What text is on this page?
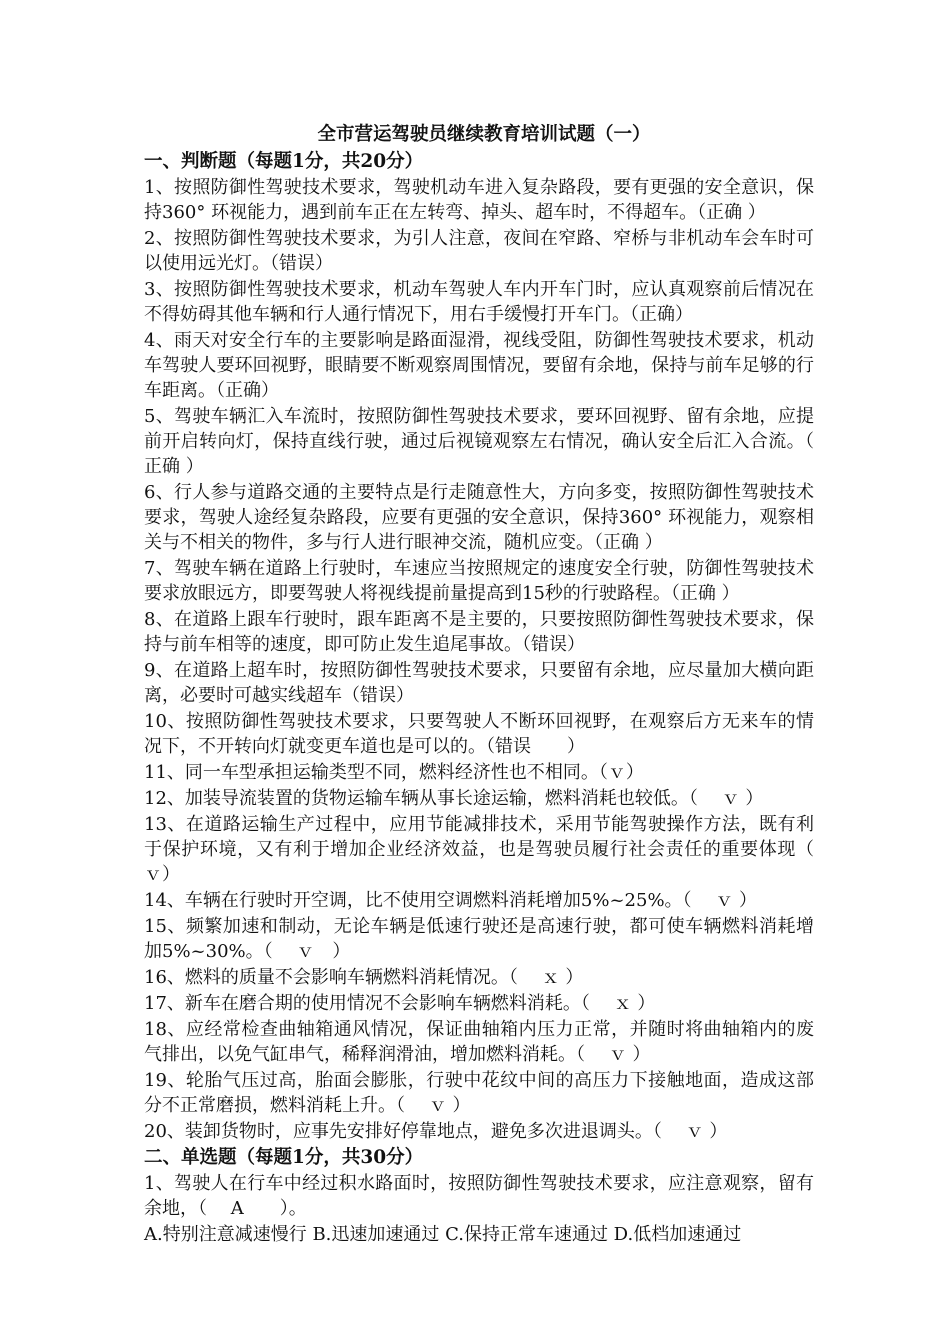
全市营运驾驶员继续教育培训试题（一）
一、判断题（每题1分，共20分）
1、按照防御性驾驶技术要求，驾驶机动车进入复杂路段，要有更强的安全意识，保持360° 环视能力，遇到前车正在左转弯、掉头、超车时，不得超车。（正确 ）
2、按照防御性驾驶技术要求，为引人注意，夜间在窄路、窄桥与非机动车会车时可以使用远光灯。（错误）
3、按照防御性驾驶技术要求，机动车驾驶人车内开车门时，应认真观察前后情况在不得妨碍其他车辆和行人通行情况下，用右手缓慢打开车门。（正确）
4、雨天对安全行车的主要影响是路面湿滑，视线受阻，防御性驾驶技术要求，机动车驾驶人要环回视野，眼睛要不断观察周围情况，要留有余地，保持与前车足够的行车距离。（正确）
5、驾驶车辆汇入车流时，按照防御性驾驶技术要求，要环回视野、留有余地，应提前开启转向灯，保持直线行驶，通过后视镜观察左右情况，确认安全后汇入合流。（　 正确 ）
6、行人参与道路交通的主要特点是行走随意性大，方向多变，按照防御性驾驶技术要求，驾驶人途经复杂路段，应要有更强的安全意识，保持360° 环视能力，观察相关与不相关的物件，多与行人进行眼神交流，随机应变。（正确 ）
7、驾驶车辆在道路上行驶时，车速应当按照规定的速度安全行驶，防御性驾驶技术要求放眼远方，即要驾驶人将视线提前量提高到15秒的行驶路程。（正确 ）
8、在道路上跟车行驶时，跟车距离不是主要的，只要按照防御性驾驶技术要求，保持与前车相等的速度，即可防止发生追尾事故。（错误）
9、在道路上超车时，按照防御性驾驶技术要求，只要留有余地，应尽量加大横向距离，必要时可越实线超车（错误）
10、按照防御性驾驶技术要求，只要驾驶人不断环回视野，在观察后方无来车的情况下，不开转向灯就变更车道也是可以的。（错误　　）
11、同一车型承担运输类型不同，燃料经济性也不相同。（ｖ）
12、加装导流装置的货物运输车辆从事长途运输，燃料消耗也较低。（　 ｖ ）
13、在道路运输生产过程中，应用节能减排技术，采用节能驾驶操作方法，既有利于保护环境，又有利于增加企业经济效益，也是驾驶员履行社会责任的重要体现（　ｖ）
14、车辆在行驶时开空调，比不使用空调燃料消耗增加5%~25%。（　 ｖ ）
15、频繁加速和制动，无论车辆是低速行驶还是高速行驶，都可使车辆燃料消耗增加5%~30%。（　 ｖ　）
16、燃料的质量不会影响车辆燃料消耗情况。（　 ｘ ）
17、新车在磨合期的使用情况不会影响车辆燃料消耗。（　 ｘ ）
18、应经常检查曲轴箱通风情况，保证曲轴箱内压力正常，并随时将曲轴箱内的废气排出，以免气缸串气，稀释润滑油，增加燃料消耗。（　 ｖ ）
19、轮胎气压过高，胎面会膨胀，行驶中花纹中间的高压力下接触地面，造成这部分不正常磨损，燃料消耗上升。（　 ｖ ）
20、装卸货物时，应事先安排好停靠地点，避免多次进退调头。（　 ｖ ）
二、单选题（每题1分，共30分）
1、驾驶人在行车中经过积水路面时，按照防御性驾驶技术要求，应注意观察，留有余地，（　 A　　）。
A.特别注意减速慢行 B.迅速加速通过 C.保持正常车速通过 D.低档加速通过
